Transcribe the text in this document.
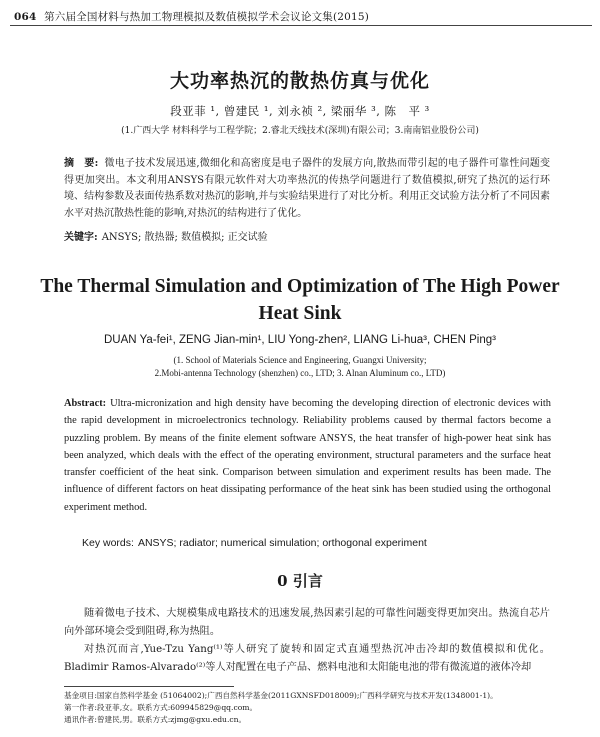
064 第六届全国材料与热加工物理模拟及数值模拟学术会议论文集(2015)
大功率热沉的散热仿真与优化
段亚菲 ¹, 曾建民 ¹, 刘永祯 ², 梁丽华 ³, 陈　平 ³
(1.广西大学 材料科学与工程学院；2.睿北天线技术(深圳)有限公司；3.南南铝业股份公司)
摘　要: 微电子技术发展迅速,微细化和高密度是电子器件的发展方向,散热而带引起的电子器件可靠性问题变得更加突出。本文利用ANSYS有限元软件对大功率热沉的传热学问题进行了数值模拟,研究了热沉的运行环境、结构参数及表面传热系数对热沉的影响,并与实验结果进行了对比分析。利用正交试验方法分析了不同因素水平对热沉散热性能的影响,对热沉的结构进行了优化。
关键字: ANSYS; 散热器; 数值模拟; 正交试验
The Thermal Simulation and Optimization of The High Power Heat Sink
DUAN Ya-fei¹, ZENG Jian-min¹, LIU Yong-zhen², LIANG Li-hua³, CHEN Ping³
(1. School of Materials Science and Engineering, Guangxi University;
2.Mobi-antenna Technology (shenzhen) co., LTD; 3. Alnan Aluminum co., LTD)
Abstract: Ultra-micronization and high density have becoming the developing direction of electronic devices with the rapid development in microelectronics technology. Reliability problems caused by thermal factors become a puzzling problem. By means of the finite element software ANSYS, the heat transfer of high-power heat sink has been analyzed, which deals with the effect of the operating environment, structural parameters and the surface heat transfer coefficient of the heat sink. Comparison between simulation and experiment results has been made. The influence of different factors on heat dissipating performance of the heat sink has been studied using the orthogonal experiment method.
Key words: ANSYS; radiator; numerical simulation; orthogonal experiment
0 引言
随着微电子技术、大规模集成电路技术的迅速发展,热因素引起的可靠性问题变得更加突出。热流自芯片向外部环境会受到阻碍,称为热阻。
对热沉而言,Yue-Tzu Yang⁽¹⁾等人研究了旋转和固定式直通型热沉冲击冷却的数值模拟和优化。Bladimir Ramos-Alvarado⁽²⁾等人对配置在电子产品、燃料电池和太阳能电池的带有微流道的液体冷却
基金项目:国家自然科学基金 (51064002);广西自然科学基金(2011GXNSFD018009);广西科学研究与技术开发(1348001-1)。
第一作者:段亚菲,女。联系方式:609945829@qq.com。
通讯作者:曾建民,男。联系方式:zjmg@gxu.edu.cn。
